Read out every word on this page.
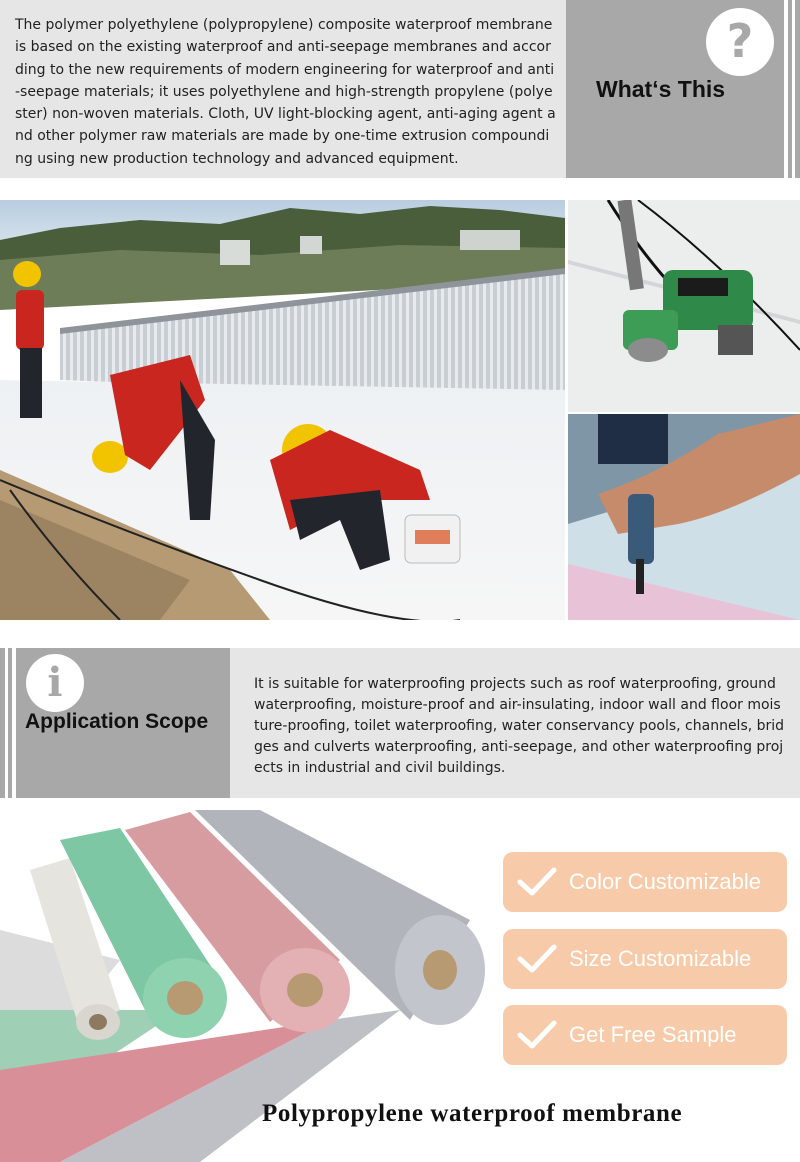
The polymer polyethylene (polypropylene) composite waterproof membrane is based on the existing waterproof and anti-seepage membranes and according to the new requirements of modern engineering for waterproof and anti-seepage materials; it uses polyethylene and high-strength propylene (polyester) non-woven materials. Cloth, UV light-blocking agent, anti-aging agent and other polymer raw materials are made by one-time extrusion compounding using new production technology and advanced equipment.

?
What‘s This
i
Application Scope

It is suitable for waterproofing projects such as roof waterproofing, ground waterproofing, moisture-proof and air-insulating, indoor wall and floor moisture-proofing, toilet waterproofing, water conservancy pools, channels, bridges and culverts waterproofing, anti-seepage, and other waterproofing projects in industrial and civil buildings.

Color Customizable
Size Customizable
Get Free Sample
Polypropylene waterproof membrane
